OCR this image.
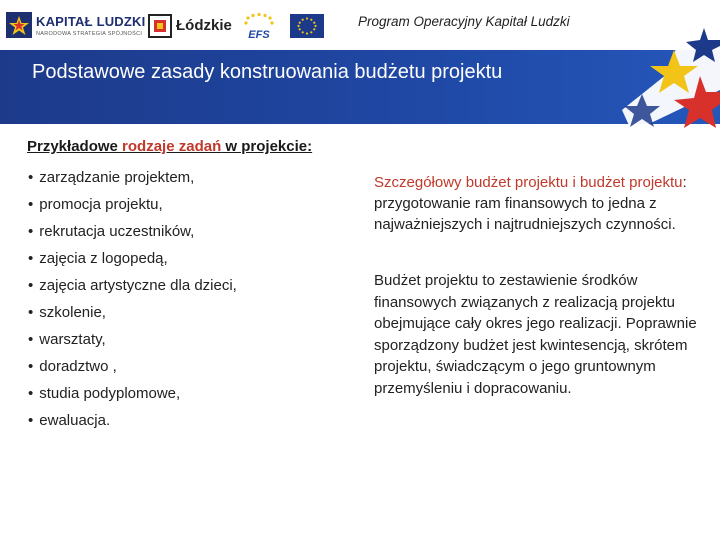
KAPITAŁ LUDZKI
NARODOWA STRATEGIA SPÓJNOŚCI Łódzkie
EFS
Program Operacyjny Kapitał Ludzki
Podstawowe zasady konstruowania budżetu projektu
Przykładowe rodzaje zadań w projekcie:
• zarządzanie projektem,
• promocja projektu,
• rekrutacja uczestników,
• zajęcia z logopedą,
• zajęcia artystyczne dla dzieci,
• szkolenie,
• warsztaty,
• doradztwo ,
• studia podyplomowe,
• ewaluacja.

Szczegółowy budżet projektu i budżet projektu: przygotowanie ram finansowych to jedna z najważniejszych i najtrudniejszych czynności.

Budżet projektu to zestawienie środków finansowych związanych z realizacją projektu obejmujące cały okres jego realizacji. Poprawnie sporządzony budżet jest kwintesencją, skrótem projektu, świadczącym o jego gruntownym przemyśleniu i dopracowaniu.
